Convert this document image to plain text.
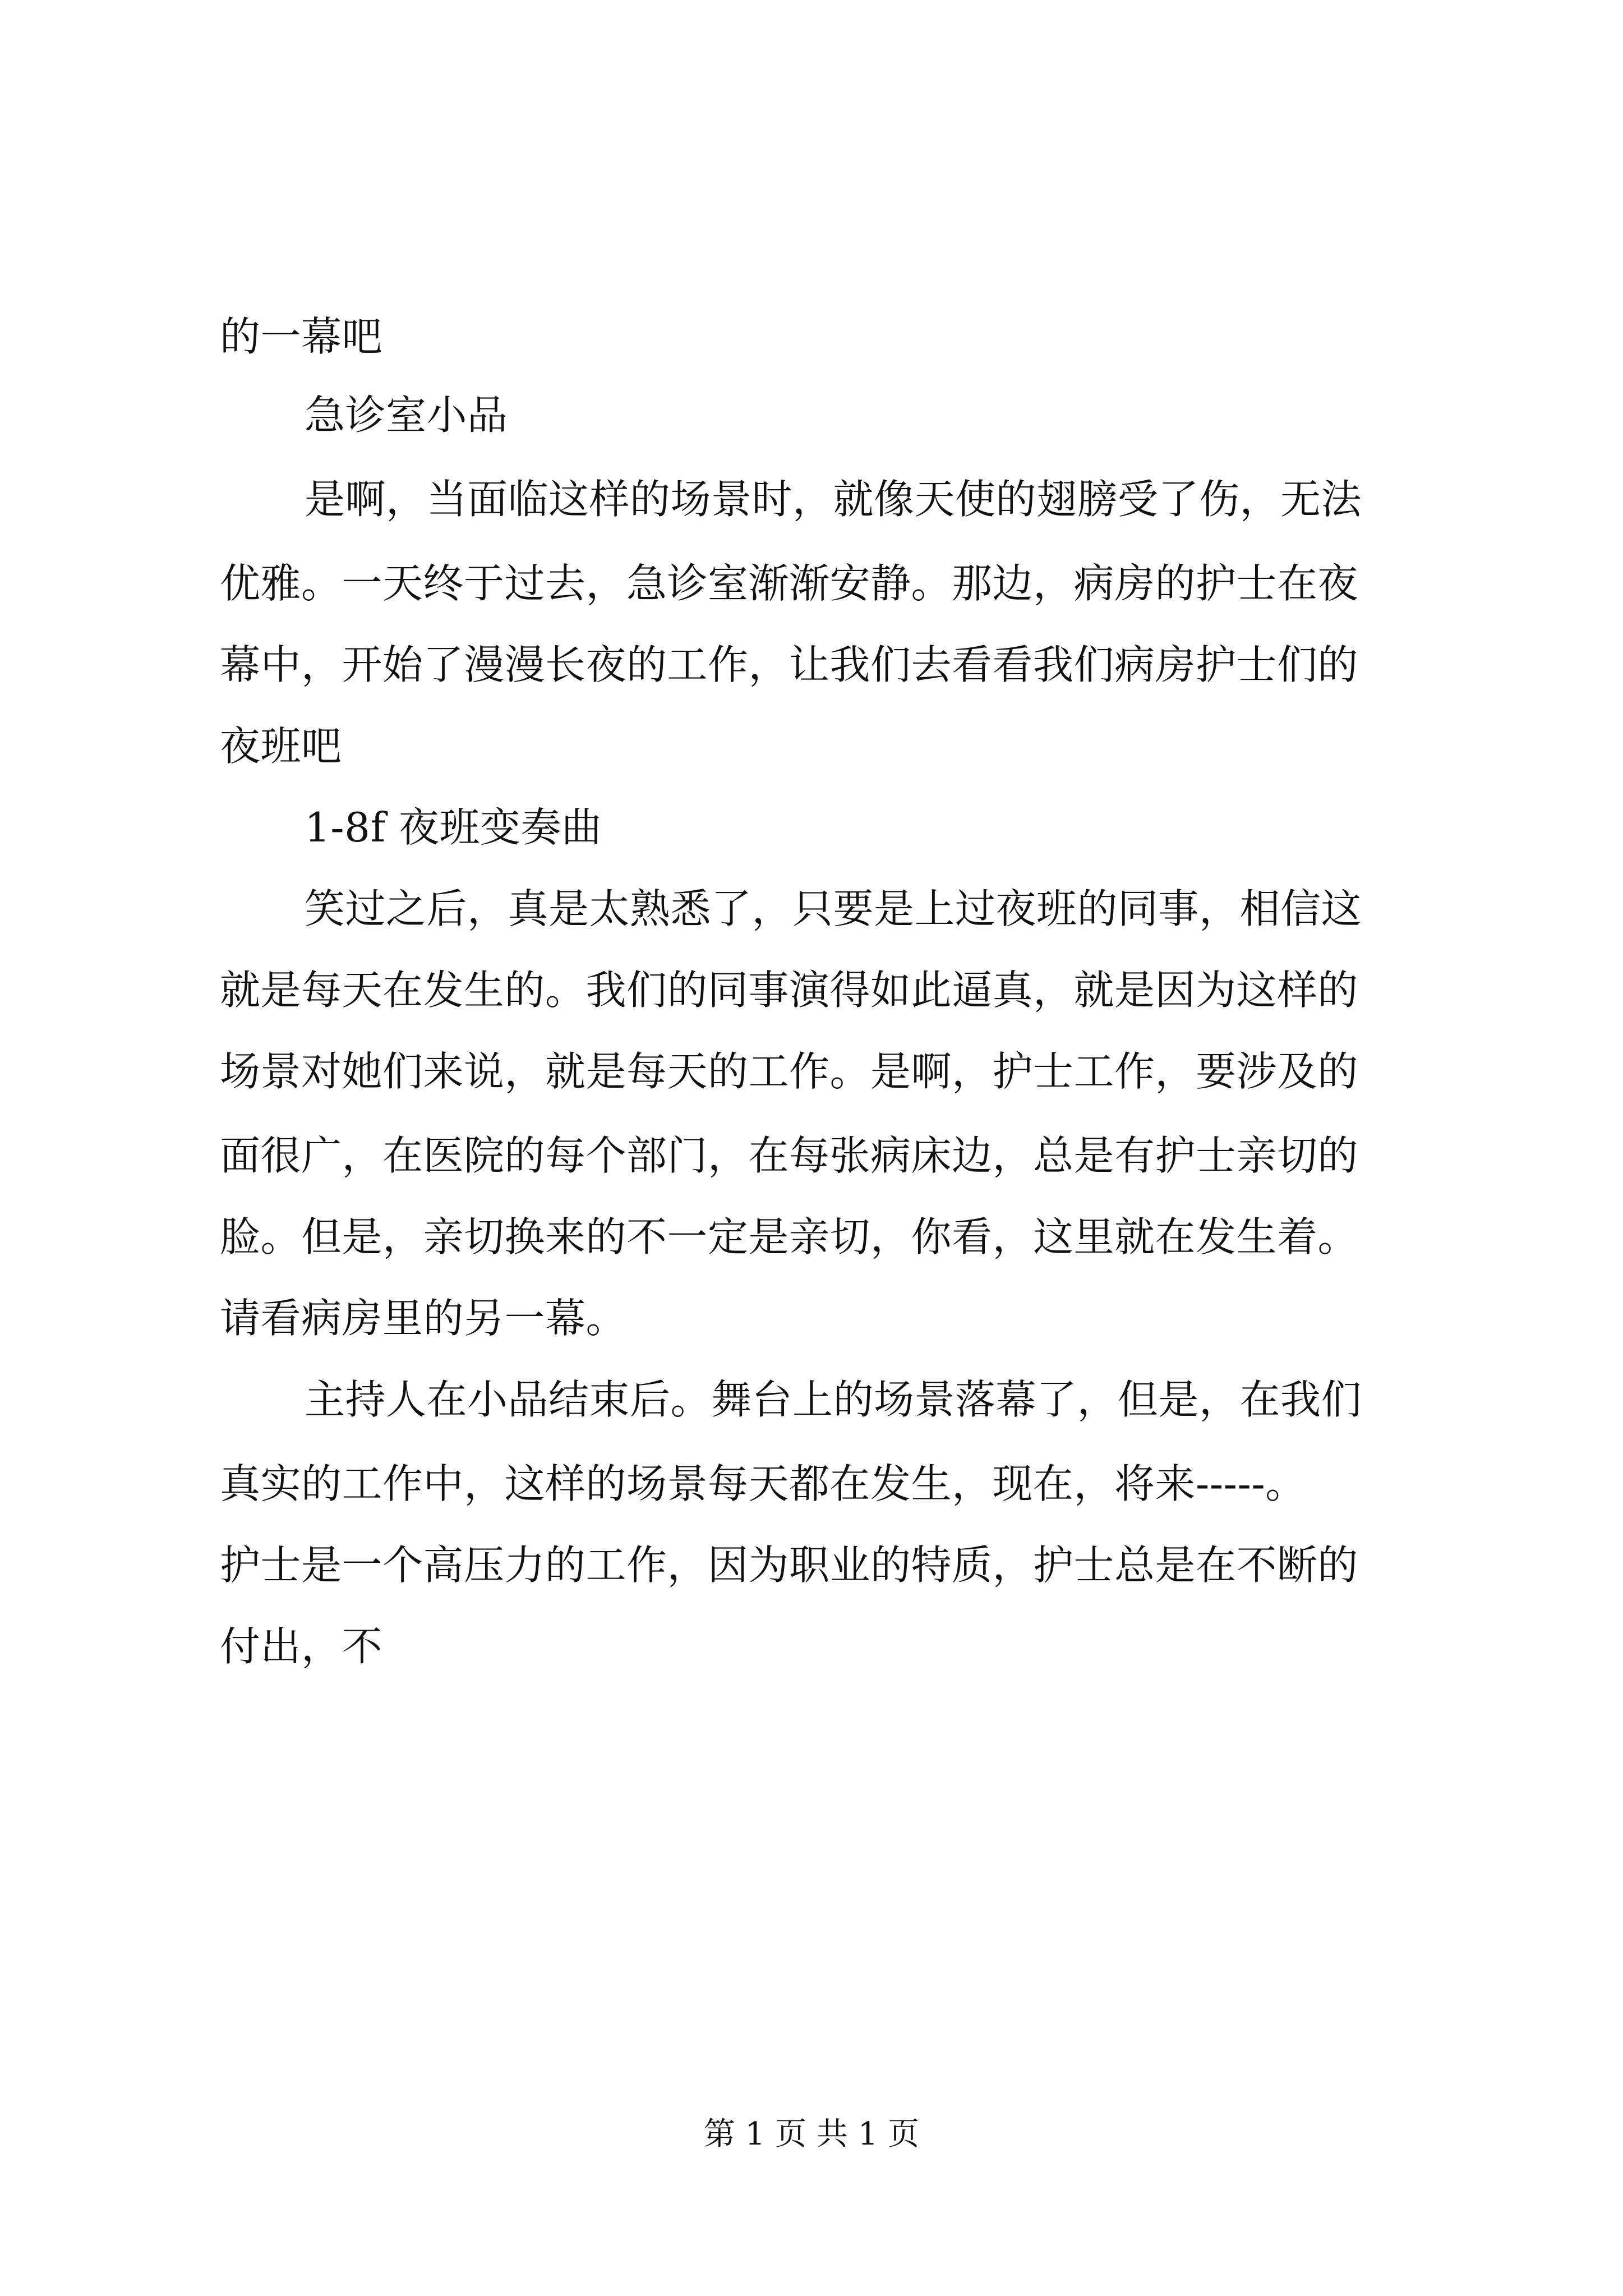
的一幕吧
急诊室小品
是啊，当面临这样的场景时，就像天使的翅膀受了伤，无法
优雅。一天终于过去，急诊室渐渐安静。那边，病房的护士在夜
幕中，开始了漫漫长夜的工作，让我们去看看我们病房护士们的
夜班吧
1-8f 夜班变奏曲
笑过之后，真是太熟悉了，只要是上过夜班的同事，相信这
就是每天在发生的。我们的同事演得如此逼真，就是因为这样的
场景对她们来说，就是每天的工作。是啊，护士工作，要涉及的
面很广，在医院的每个部门，在每张病床边，总是有护士亲切的
脸。但是，亲切换来的不一定是亲切，你看，这里就在发生着。
请看病房里的另一幕。
主持人在小品结束后。舞台上的场景落幕了，但是，在我们
真实的工作中，这样的场景每天都在发生，现在，将来-----。
护士是一个高压力的工作，因为职业的特质，护士总是在不断的
付出，不
第 1 页 共 1 页
